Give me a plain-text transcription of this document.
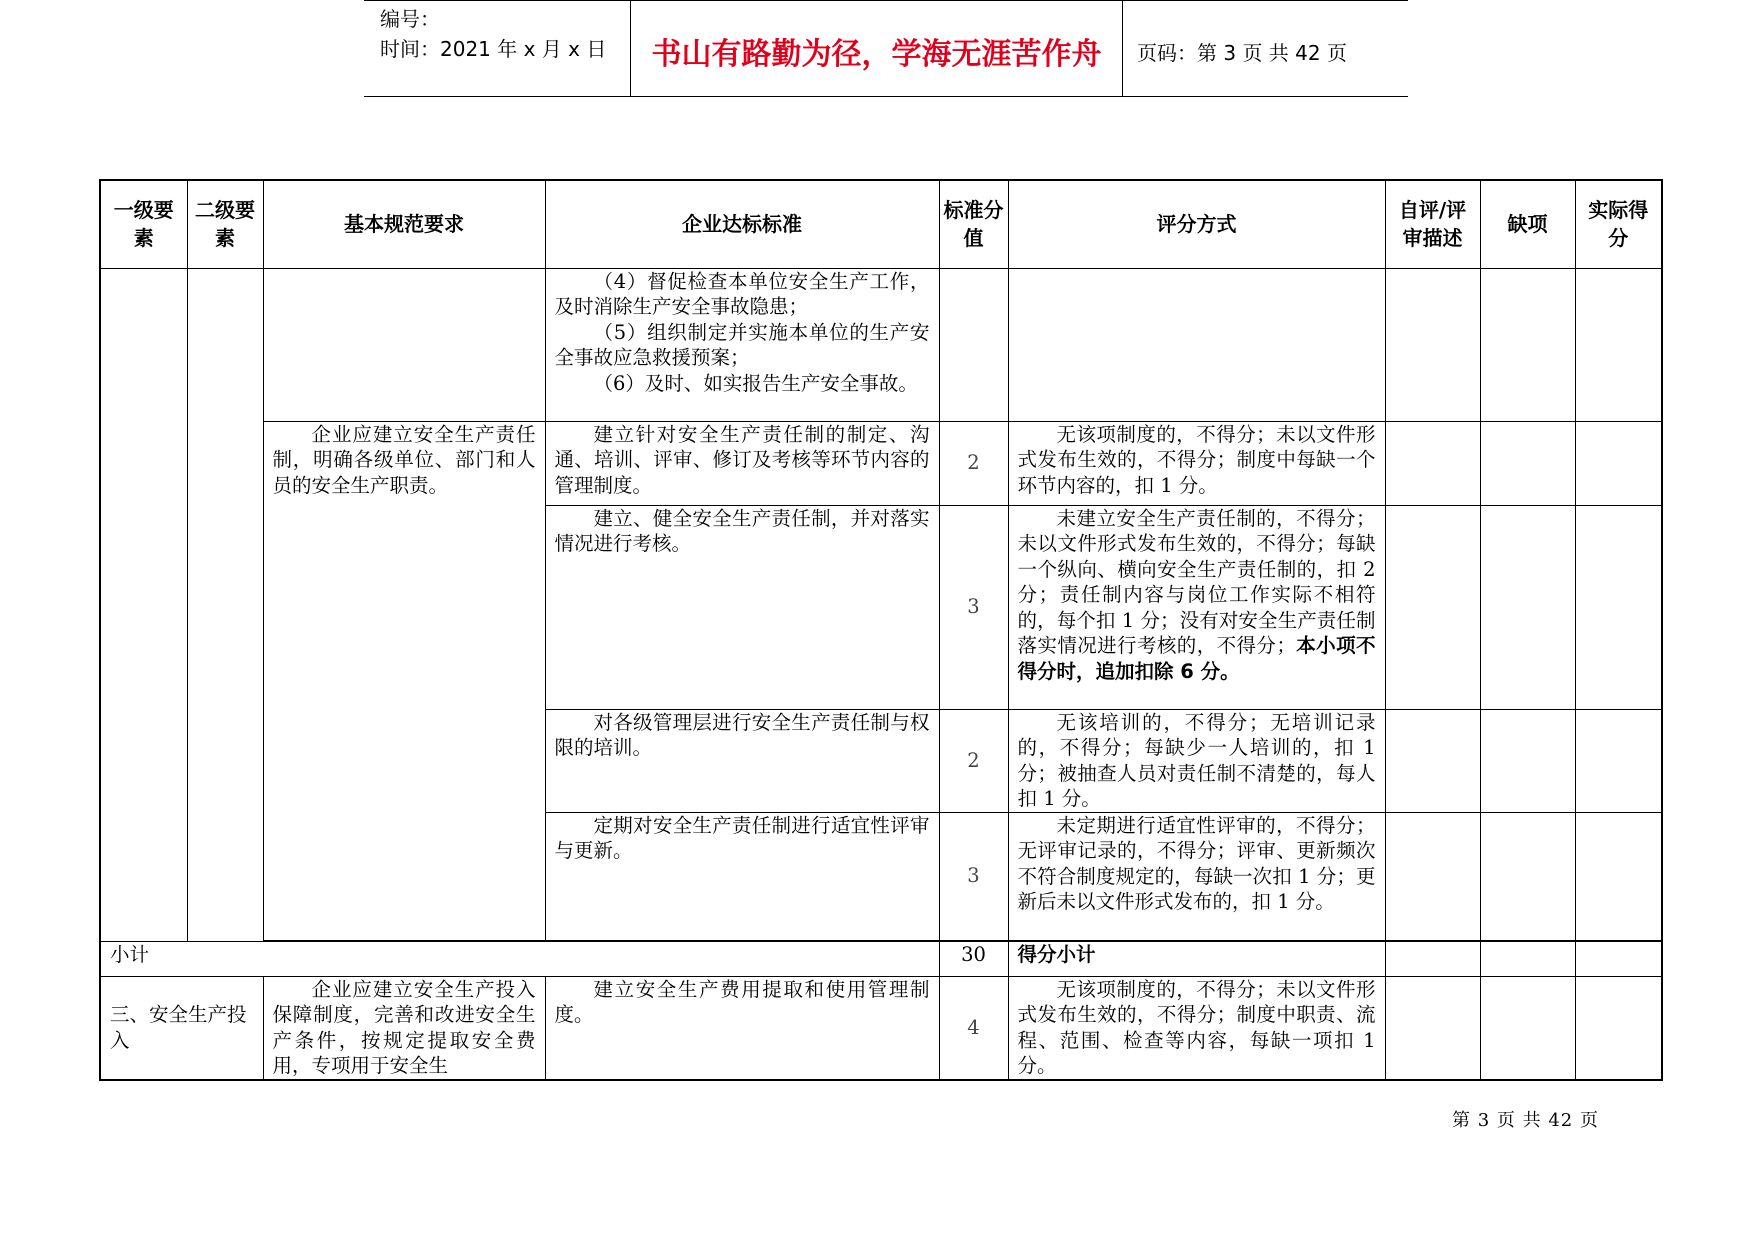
编号：
时间：2021 年 x 月 x 日	书山有路勤为径，学海无涯苦作舟	页码：第 3 页 共 42 页
一级要素	二级要素	基本规范要求	企业达标标准	标准分值	评分方式	自评/评审描述	缺项	实际得分

			（4）督促检查本单位安全生产工作，及时消除生产安全事故隐患；

（5）组织制定并实施本单位的生产安全事故应急救援预案；

（6）及时、如实报告生产安全事故。					

		企业应建立安全生产责任制，明确各级单位、部门和人员的安全生产职责。	建立针对安全生产责任制的制定、沟通、培训、评审、修订及考核等环节内容的管理制度。	2	无该项制度的，不得分；未以文件形式发布生效的，不得分；制度中每缺一个环节内容的，扣 1 分。			
			建立、健全安全生产责任制，并对落实情况进行考核。	3	未建立安全生产责任制的，不得分；未以文件形式发布生效的，不得分；每缺一个纵向、横向安全生产责任制的，扣 2 分；责任制内容与岗位工作实际不相符的，每个扣 1 分；没有对安全生产责任制落实情况进行考核的，不得分；本小项不得分时，追加扣除 6 分。			
			对各级管理层进行安全生产责任制与权限的培训。	2	无该培训的，不得分；无培训记录的，不得分；每缺少一人培训的，扣 1 分；被抽查人员对责任制不清楚的，每人扣 1 分。			
			定期对安全生产责任制进行适宜性评审与更新。	3	未定期进行适宜性评审的，不得分；无评审记录的，不得分；评审、更新频次不符合制度规定的，每缺一次扣 1 分；更新后未以文件形式发布的，扣 1 分。			

小计				30	得分小计			
三、安全生产投入		企业应建立安全生产投入保障制度，完善和改进安全生产条件，按规定提取安全费用，专项用于安全生	建立安全生产费用提取和使用管理制度。	4	无该项制度的，不得分；未以文件形式发布生效的，不得分；制度中职责、流程、范围、检查等内容，每缺一项扣 1 分。			
第 3 页 共 42 页
